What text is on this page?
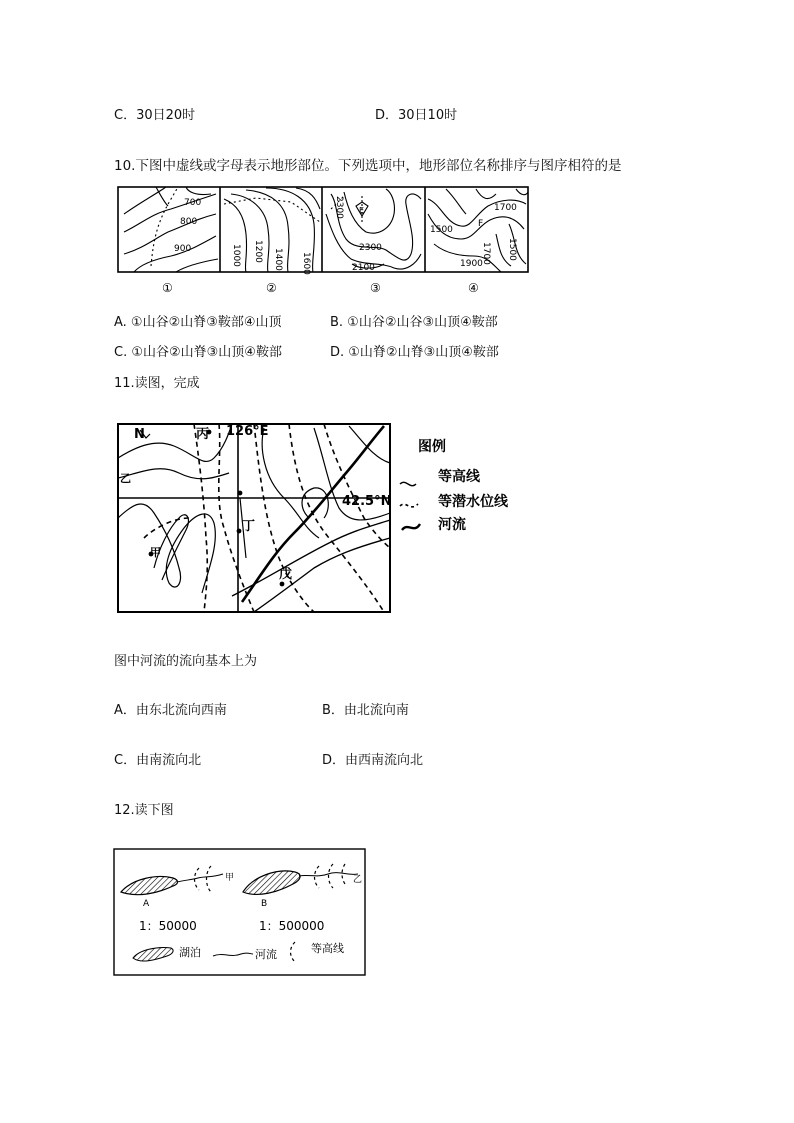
C．30日20时	D．30日10时
10.下图中虚线或字母表示地形部位。下列选项中，地形部位名称排序与图序相符的是
700
800
900	1000 1200 1400 1600
2300
2300
2100
E	1700
1500
1700 1500
1900
F
①	②	③	④
A. ①山谷②山脊③鞍部④山顶	B. ①山谷②山谷③山顶④鞍部
C. ①山谷②山脊③山顶④鞍部	D. ①山脊②山脊③山顶④鞍部
11.读图，完成
N	126°E
42.5°N
丙
乙
丁
戊
甲
图例
等高线
等潜水位线
河流
图中河流的流向基本上为
A．由东北流向西南	B．由北流向南
C．由南流向北	D．由西南流向北
12.读下图
A	B
甲	乙
1：50000	1：500000
湖泊	河流	等高线
